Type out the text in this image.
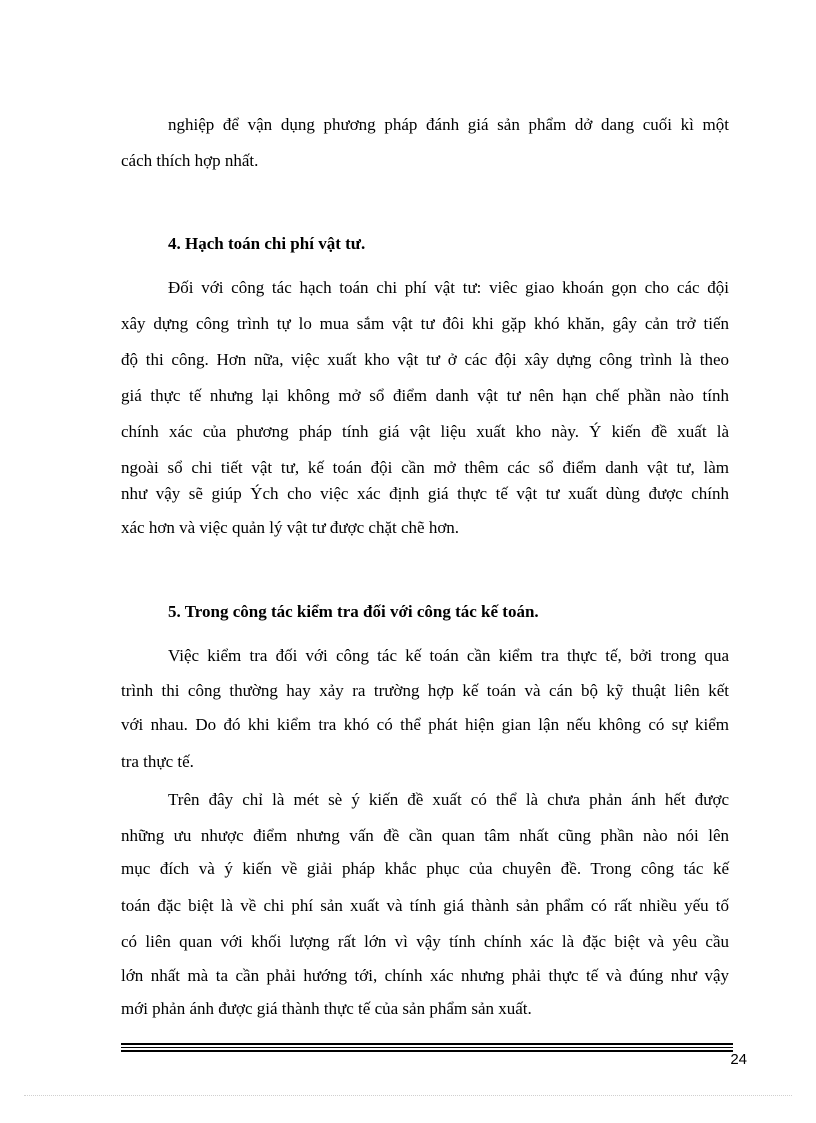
nghiệp để vận dụng phương pháp đánh giá sản phẩm dở dang cuối kì một
cách thích hợp nhất.
4. Hạch toán chi phí vật tư.
Đối với công tác hạch toán chi phí vật tư: viêc giao khoán gọn cho các đội
xây dựng công trình tự lo mua sắm vật tư đôi khi gặp khó khăn, gây cản trở tiến
độ thi công. Hơn nữa, việc xuất kho vật tư ở các đội xây dựng công trình là theo
giá thực tế nhưng lại không mở sổ điểm danh vật tư nên hạn chế phần nào tính
chính xác của phương pháp tính giá vật liệu xuất kho này. Ý kiến đề xuất là
ngoài sổ chi tiết vật tư, kế toán đội cần mở thêm các sổ điểm danh vật tư, làm
như vậy sẽ giúp Ých cho việc xác định giá thực tế vật tư xuất dùng được chính
xác hơn và việc quản lý vật tư được chặt chẽ hơn.
5. Trong công tác kiểm tra đối với công tác kế toán.
Việc kiểm tra đối với công tác kế toán cần kiểm tra thực tế, bởi trong qua
trình thi công thường hay xảy ra trường hợp kế toán và cán bộ kỹ thuật liên kết
với nhau. Do đó khi kiểm tra khó có thể phát hiện gian lận nếu không có sự kiểm
tra thực tế.
Trên đây chỉ là mét sè ý kiến đề xuất có thể là chưa phản ánh hết được
những ưu nhược điểm nhưng vấn đề cần quan tâm nhất cũng phần nào nói lên
mục đích và ý kiến về giải pháp khắc phục của chuyên đề. Trong công tác kế
toán đặc biệt là về chi phí sản xuất và tính giá thành sản phẩm có rất nhiều yếu tố
có liên quan với khối lượng rất lớn vì vậy tính chính xác là đặc biệt và yêu cầu
lớn nhất mà ta cần phải hướng tới, chính xác nhưng phải thực tế và đúng như vậy
mới phản ánh được giá thành thực tế của sản phẩm sản xuất.
24
